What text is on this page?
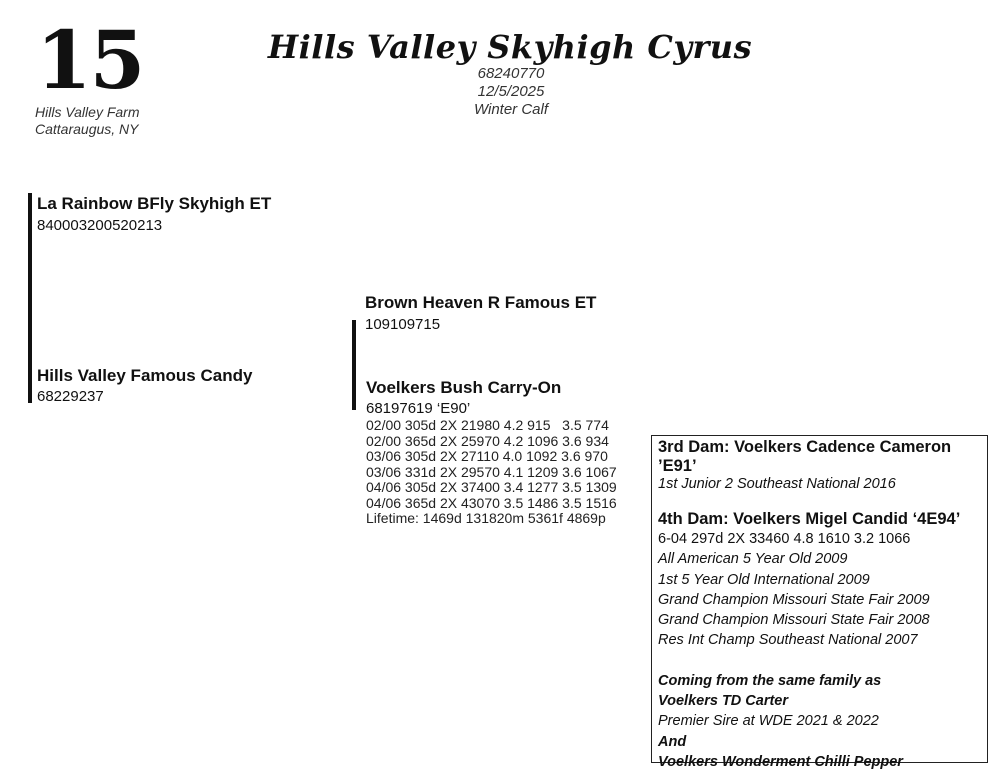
15
Hills Valley Farm
Cattaraugus, NY
Hills Valley Skyhigh Cyrus
68240770
12/5/2025
Winter Calf
La Rainbow BFly Skyhigh ET
840003200520213
Hills Valley Famous Candy
68229237
Brown Heaven R Famous ET
109109715
Voelkers Bush Carry-On
68197619 ‘E90’
02/00 305d 2X 21980 4.2 915   3.5 774
02/00 365d 2X 25970 4.2 1096 3.6 934
03/06 305d 2X 27110 4.0 1092 3.6 970
03/06 331d 2X 29570 4.1 1209 3.6 1067
04/06 305d 2X 37400 3.4 1277 3.5 1309
04/06 365d 2X 43070 3.5 1486 3.5 1516
Lifetime: 1469d 131820m 5361f 4869p
3rd Dam: Voelkers Cadence Cameron ’E91’
1st Junior 2 Southeast National 2016
4th Dam: Voelkers Migel Candid ‘4E94’
6-04 297d 2X 33460 4.8 1610 3.2 1066
All American 5 Year Old 2009
1st 5 Year Old International 2009
Grand Champion Missouri State Fair 2009
Grand Champion Missouri State Fair 2008
Res Int Champ Southeast National 2007
Coming from the same family as
Voelkers TD Carter
Premier Sire at WDE 2021 & 2022
And
Voelkers Wonderment Chilli Pepper
